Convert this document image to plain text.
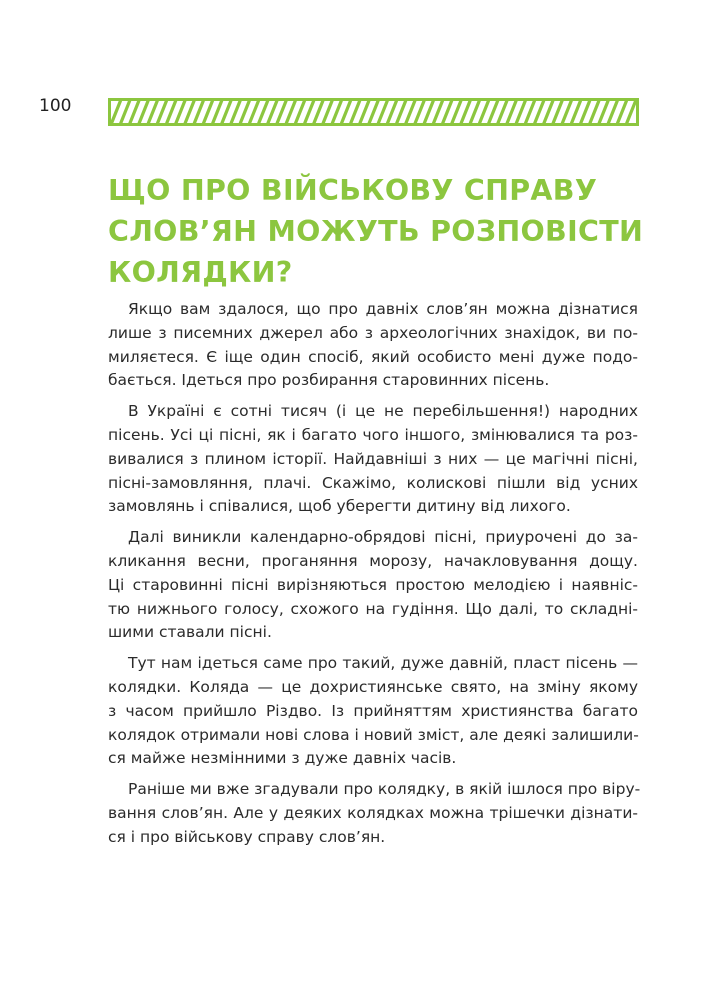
100
ЩО ПРО ВІЙСЬКОВУ СПРАВУ
СЛОВ’ЯН МОЖУТЬ РОЗПОВІСТИ
КОЛЯДКИ?

Якщо вам здалося, що про давніх слов’ян можна дізнатися
лише з писемних джерел або з археологічних знахідок, ви по-
миляєтеся. Є іще один спосіб, який особисто мені дуже подо-
бається. Ідеться про розбирання старовинних пісень.

В Україні є сотні тисяч (і це не перебільшення!) народних
пісень. Усі ці пісні, як і багато чого іншого, змінювалися та роз-
вивалися з плином історії. Найдавніші з них — це магічні пісні,
пісні-замовляння, плачі. Скажімо, колискові пішли від усних
замовлянь і співалися, щоб уберегти дитину від лихого.

Далі виникли календарно-обрядові пісні, приурочені до за-
кликання весни, проганяння морозу, начакловування дощу.
Ці старовинні пісні вирізняються простою мелодією і наявніс-
тю нижнього голосу, схожого на гудіння. Що далі, то складні-
шими ставали пісні.

Тут нам ідеться саме про такий, дуже давній, пласт пісень —
колядки. Коляда — це дохристиянське свято, на зміну якому
з часом прийшло Різдво. Із прийняттям християнства багато
колядок отримали нові слова і новий зміст, але деякі залишили-
ся майже незмінними з дуже давніх часів.

Раніше ми вже згадували про колядку, в якій ішлося про віру-
вання слов’ян. Але у деяких колядках можна трішечки дізнати-
ся і про військову справу слов’ян.
